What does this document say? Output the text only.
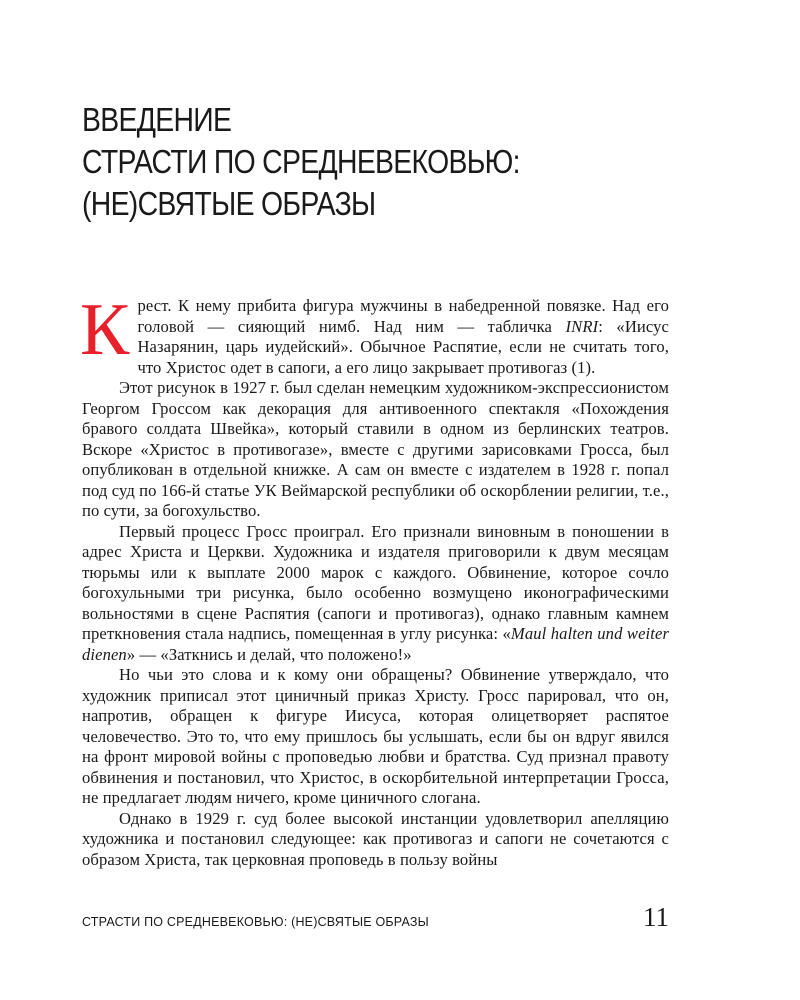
ВВЕДЕНИЕ
СТРАСТИ ПО СРЕДНЕВЕКОВЬЮ:
(НЕ)СВЯТЫЕ ОБРАЗЫ

Крест. К нему прибита фигура мужчины в набедренной повязке. Над его головой — сияющий нимб. Над ним — табличка INRI: «Иисус Назарянин, царь иудейский». Обычное Распятие, если не считать того, что Христос одет в сапоги, а его лицо закрывает противогаз (1).

Этот рисунок в 1927 г. был сделан немецким художником-экспрессионистом Георгом Гроссом как декорация для антивоенного спектакля «Похождения бравого солдата Швейка», который ставили в одном из берлинских театров. Вскоре «Христос в противогазе», вместе с другими зарисовками Гросса, был опубликован в отдельной книжке. А сам он вместе с издателем в 1928 г. попал под суд по 166-й статье УК Веймарской республики об оскорблении религии, т.е., по сути, за богохульство.

Первый процесс Гросс проиграл. Его признали виновным в поношении в адрес Христа и Церкви. Художника и издателя приговорили к двум месяцам тюрьмы или к выплате 2000 марок с каждого. Обвинение, которое сочло богохульными три рисунка, было особенно возмущено иконографическими вольностями в сцене Распятия (сапоги и противогаз), однако главным камнем преткновения стала надпись, помещенная в углу рисунка: «Maul halten und weiter dienen» — «Заткнись и делай, что положено!»

Но чьи это слова и к кому они обращены? Обвинение утверждало, что художник приписал этот циничный приказ Христу. Гросс парировал, что он, напротив, обращен к фигуре Иисуса, которая олицетворяет распятое человечество. Это то, что ему пришлось бы услышать, если бы он вдруг явился на фронт мировой войны с проповедью любви и братства. Суд признал правоту обвинения и постановил, что Христос, в оскорбительной интерпретации Гросса, не предлагает людям ничего, кроме циничного слогана.

Однако в 1929 г. суд более высокой инстанции удовлетворил апелляцию художника и постановил следующее: как противогаз и сапоги не сочетаются с образом Христа, так церковная проповедь в пользу войны

СТРАСТИ ПО СРЕДНЕВЕКОВЬЮ: (НЕ)СВЯТЫЕ ОБРАЗЫ	11
